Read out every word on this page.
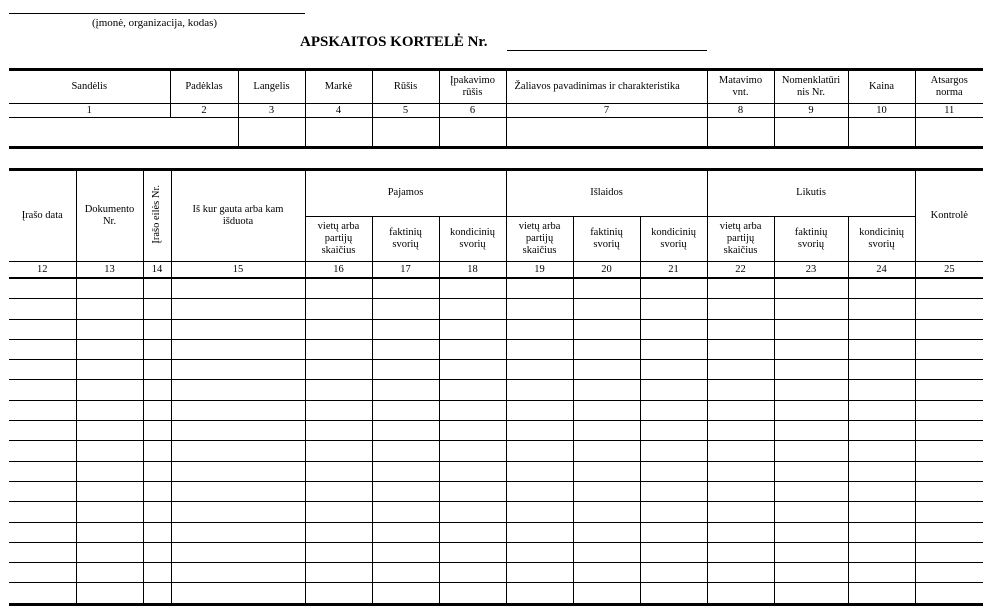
(įmonė, organizacija, kodas)
APSKAITOS KORTELĖ Nr.
Sandėlis	Padėklas	Langelis	Markė	Rūšis	Įpakavimo rūšis	Žaliavos pavadinimas ir charakteristika	Matavimo vnt.	Nomenklatūri nis Nr.	Kaina	Atsargos norma
1	2	3	4	5	6	7	8	9	10	11

Įrašo data	Dokumento Nr.	Įrašo eilės Nr.	Iš kur gauta arba kam išduota	Pajamos			Išlaidos			Likutis			Kontrolė
				vietų arba partijų skaičius	faktinių svorių	kondicinių svorių	vietų arba partijų skaičius	faktinių svorių	kondicinių svorių	vietų arba partijų skaičius	faktinių svorių	kondicinių svorių	
12	13	14	15	16	17	18	19	20	21	22	23	24	25
